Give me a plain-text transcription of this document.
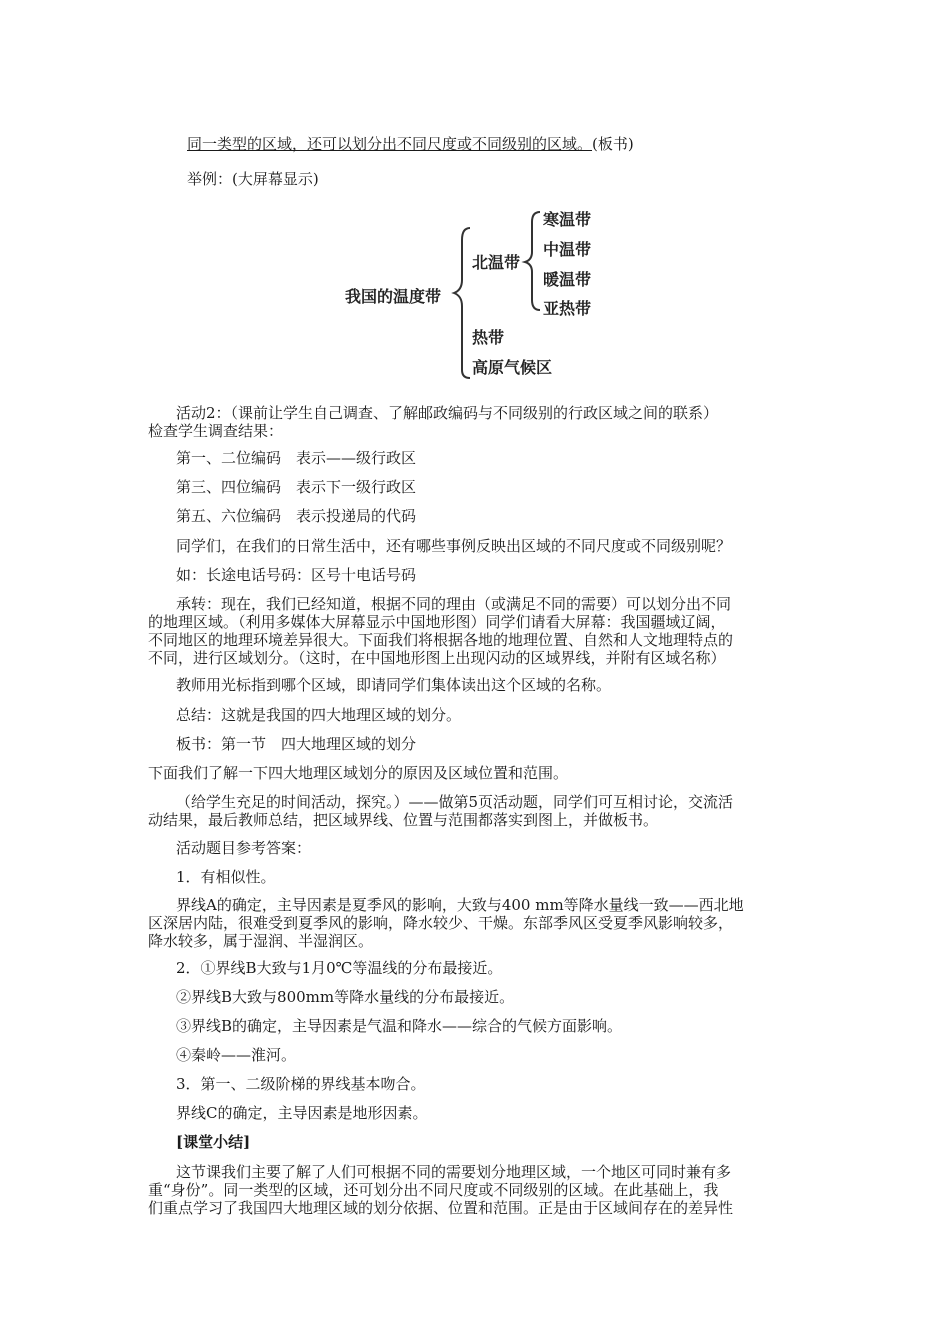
同一类型的区域，还可以划分出不同尺度或不同级别的区域。(板书)
举例：(大屏幕显示)
我国的温度带
北温带
寒温带
中温带
暖温带
亚热带
热带
高原气候区
活动2：（课前让学生自己调查、了解邮政编码与不同级别的行政区域之间的联系）
检查学生调查结果：
第一、二位编码　表示——级行政区
第三、四位编码　表示下一级行政区
第五、六位编码　表示投递局的代码
同学们，在我们的日常生活中，还有哪些事例反映出区域的不同尺度或不同级别呢？
如：长途电话号码：区号十电话号码
承转：现在，我们已经知道，根据不同的理由（或满足不同的需要）可以划分出不同
的地理区域。（利用多媒体大屏幕显示中国地形图）同学们请看大屏幕：我国疆域辽阔，
不同地区的地理环境差异很大。下面我们将根据各地的地理位置、自然和人文地理特点的
不同，进行区域划分。（这时，在中国地形图上出现闪动的区域界线，并附有区域名称）
教师用光标指到哪个区域，即请同学们集体读出这个区域的名称。
总结：这就是我国的四大地理区域的划分。
板书：第一节　四大地理区域的划分
下面我们了解一下四大地理区域划分的原因及区域位置和范围。
（给学生充足的时间活动，探究。）——做第5页活动题，同学们可互相讨论，交流活
动结果，最后教师总结，把区域界线、位置与范围都落实到图上，并做板书。
活动题目参考答案：
1．有相似性。
界线A的确定，主导因素是夏季风的影响，大致与400 mm等降水量线一致——西北地
区深居内陆，很难受到夏季风的影响，降水较少、干燥。东部季风区受夏季风影响较多，
降水较多，属于湿润、半湿润区。
2．①界线B大致与1月0℃等温线的分布最接近。
②界线B大致与800mm等降水量线的分布最接近。
③界线B的确定，主导因素是气温和降水——综合的气候方面影响。
④秦岭——淮河。
3．第一、二级阶梯的界线基本吻合。
界线C的确定，主导因素是地形因素。
[课堂小结]
这节课我们主要了解了人们可根据不同的需要划分地理区域，一个地区可同时兼有多
重“身份”。同一类型的区域，还可划分出不同尺度或不同级别的区域。在此基础上，我
们重点学习了我国四大地理区域的划分依据、位置和范围。正是由于区域间存在的差异性
